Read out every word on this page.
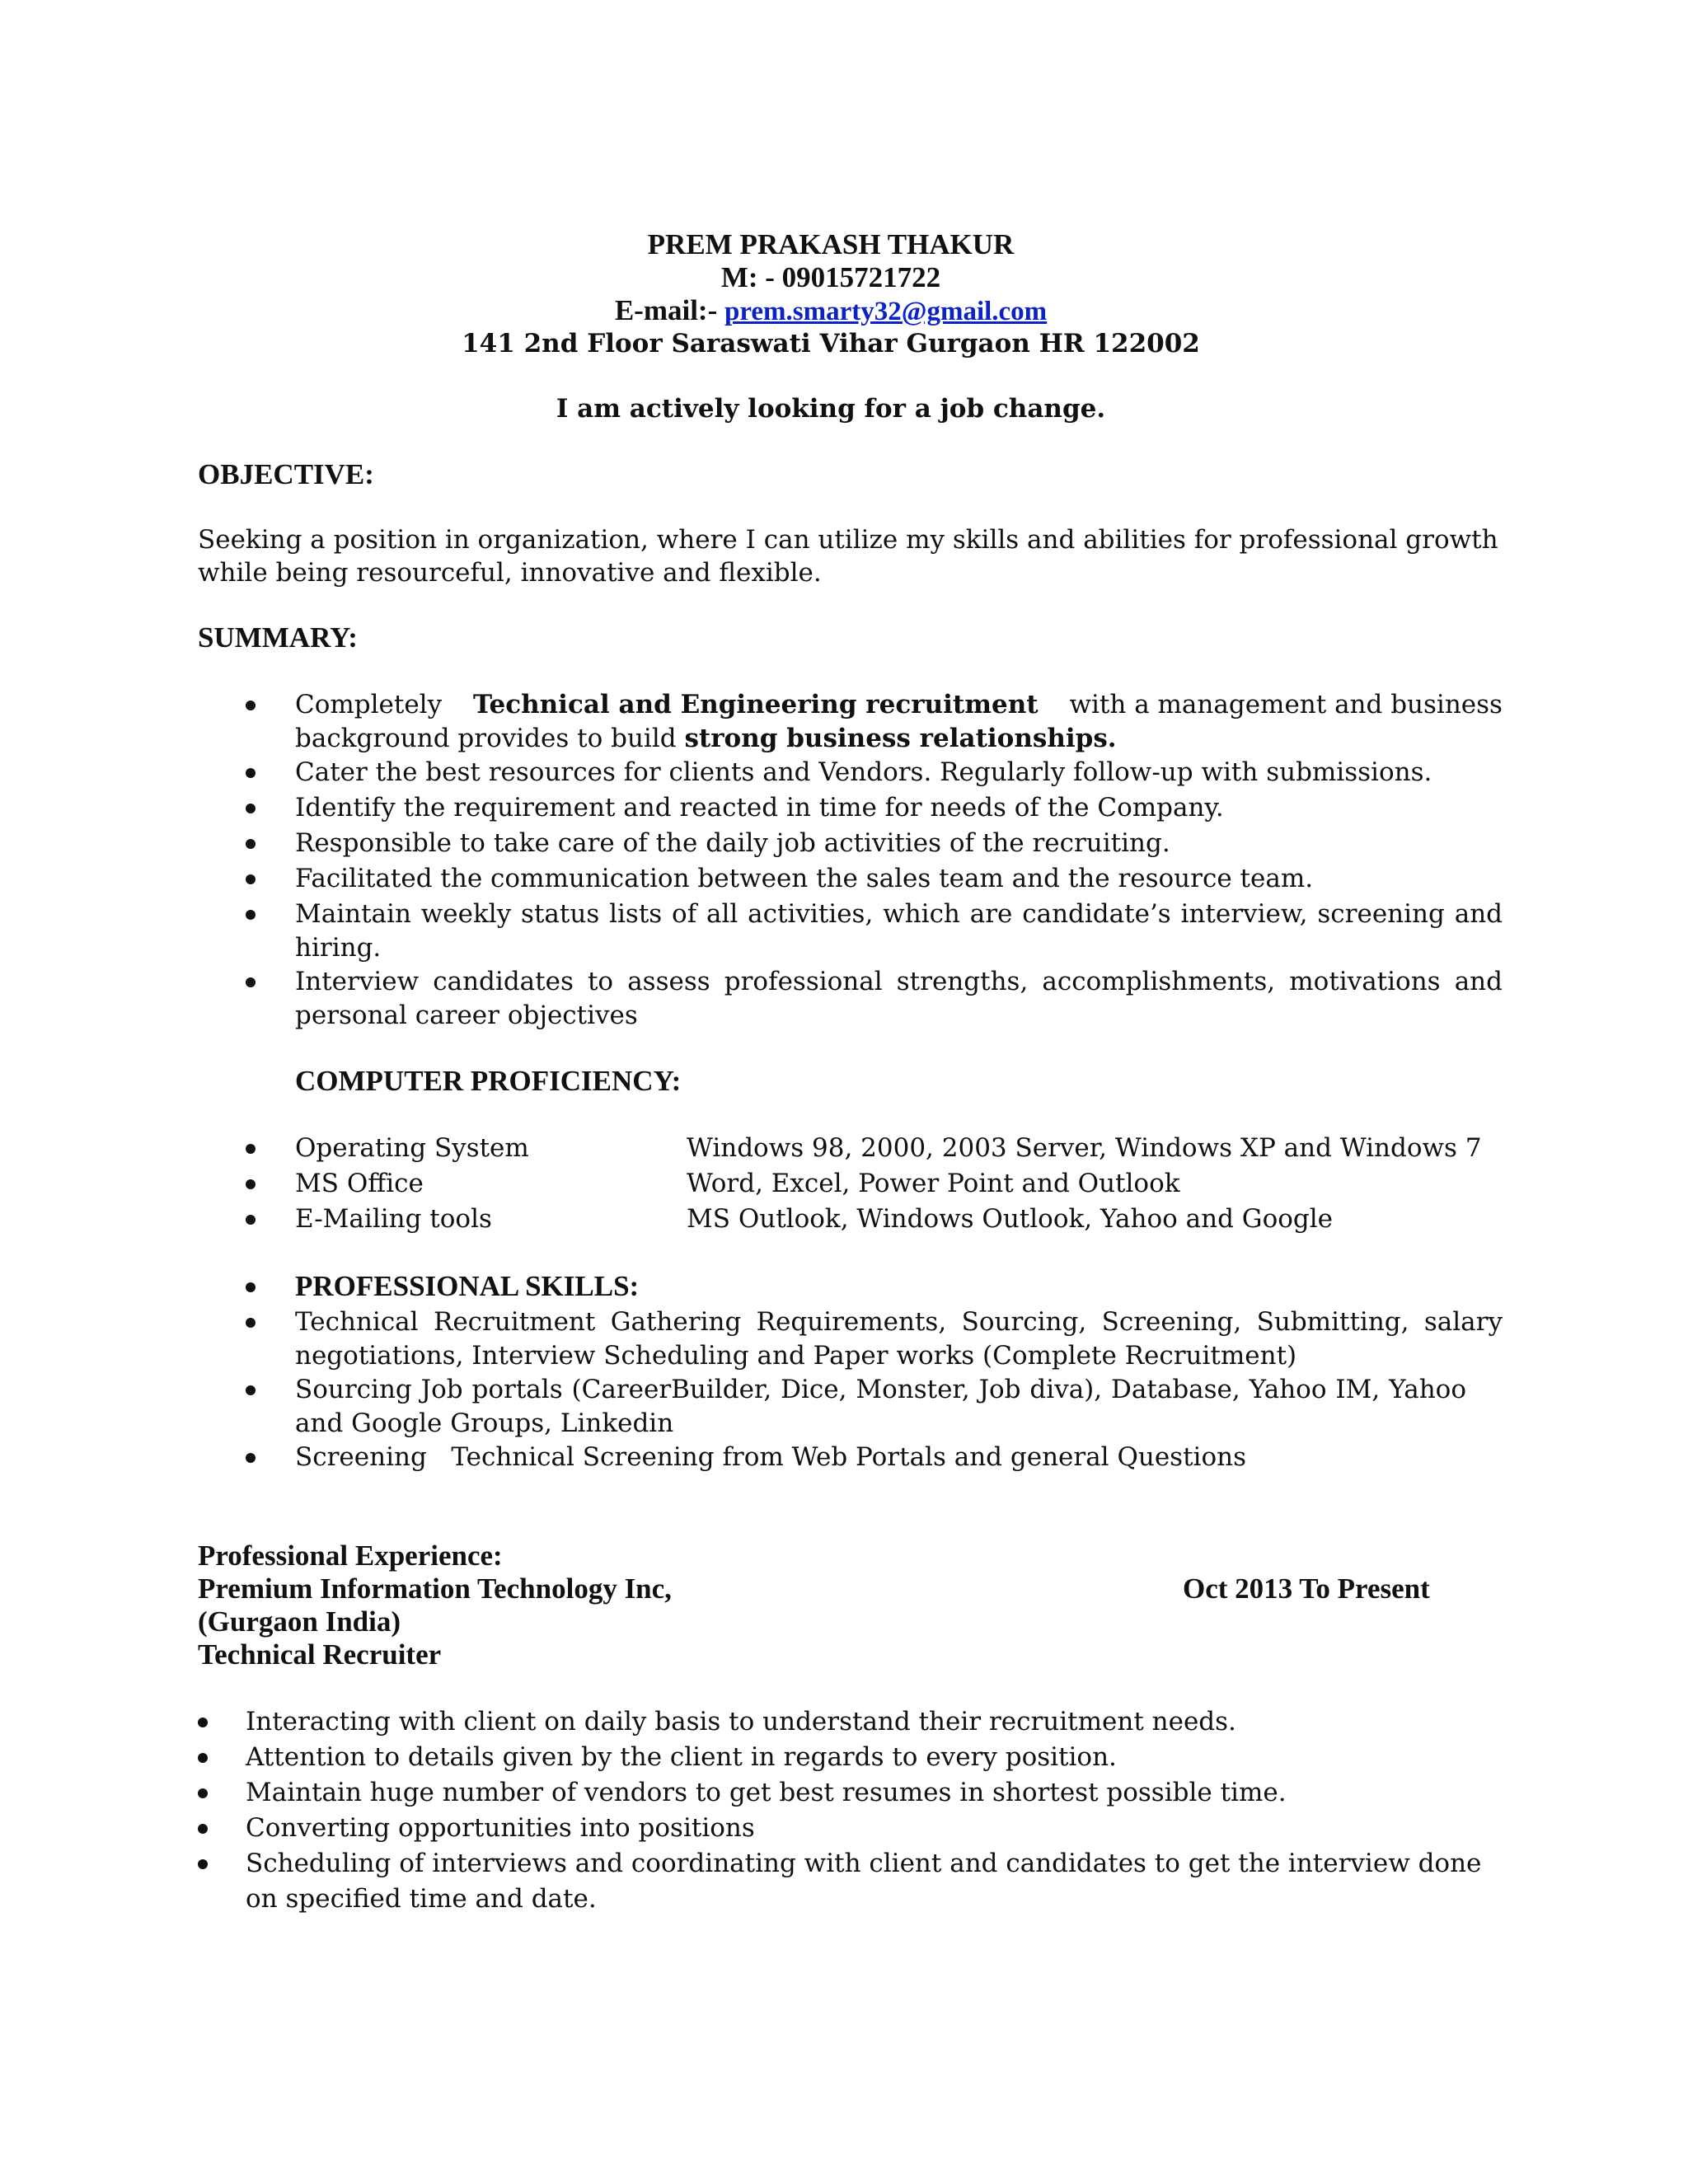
PREM PRAKASH THAKUR
M: - 09015721722
E-mail:- prem.smarty32@gmail.com
141 2nd Floor Saraswati Vihar Gurgaon HR 122002
I am actively looking for a job change.
OBJECTIVE:
Seeking a position in organization, where I can utilize my skills and abilities for professional growth
while being resourceful, innovative and flexible.
SUMMARY:
Completely Technical and Engineering recruitment with a management and business
background provides to build strong business relationships.
Cater the best resources for clients and Vendors. Regularly follow-up with submissions.
Identify the requirement and reacted in time for needs of the Company.
Responsible to take care of the daily job activities of the recruiting.
Facilitated the communication between the sales team and the resource team.
Maintain weekly status lists of all activities, which are candidate’s interview, screening and
hiring.
Interview candidates to assess professional strengths, accomplishments, motivations and
personal career objectives
COMPUTER PROFICIENCY:
Operating System	Windows 98, 2000, 2003 Server, Windows XP and Windows 7
MS Office	Word, Excel, Power Point and Outlook
E-Mailing tools	MS Outlook, Windows Outlook, Yahoo and Google
PROFESSIONAL SKILLS:
Technical Recruitment Gathering Requirements, Sourcing, Screening, Submitting, salary
negotiations, Interview Scheduling and Paper works (Complete Recruitment)
Sourcing Job portals (CareerBuilder, Dice, Monster, Job diva), Database, Yahoo IM, Yahoo
and Google Groups, Linkedin
Screening   Technical Screening from Web Portals and general Questions
Professional Experience:
Premium Information Technology Inc,	Oct 2013 To Present
(Gurgaon India)
Technical Recruiter
Interacting with client on daily basis to understand their recruitment needs.
Attention to details given by the client in regards to every position.
Maintain huge number of vendors to get best resumes in shortest possible time.
Converting opportunities into positions
Scheduling of interviews and coordinating with client and candidates to get the interview done
on specified time and date.
